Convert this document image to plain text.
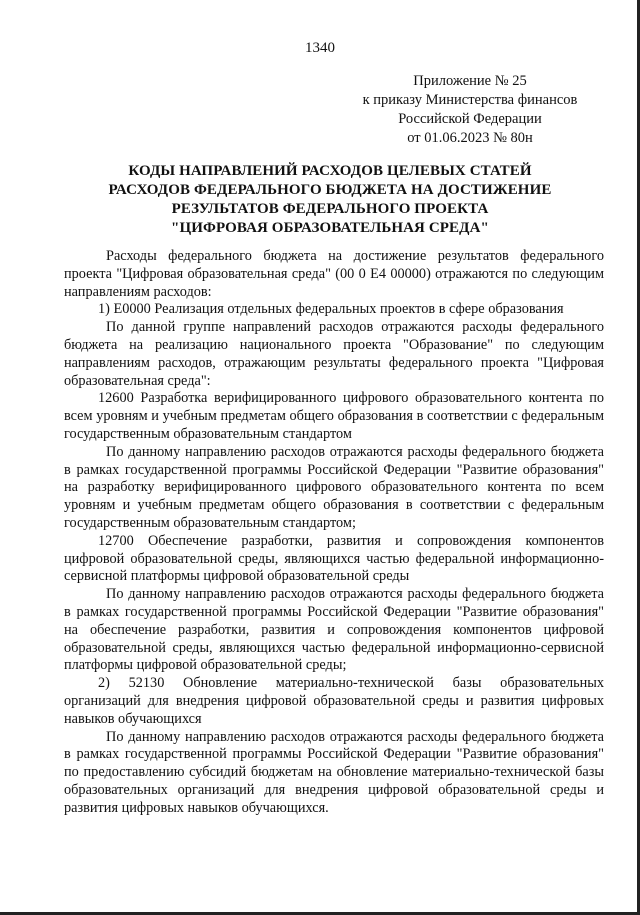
1340
Приложение № 25
к приказу Министерства финансов
Российской Федерации
от 01.06.2023 № 80н
КОДЫ НАПРАВЛЕНИЙ РАСХОДОВ ЦЕЛЕВЫХ СТАТЕЙ
РАСХОДОВ ФЕДЕРАЛЬНОГО БЮДЖЕТА НА ДОСТИЖЕНИЕ
РЕЗУЛЬТАТОВ ФЕДЕРАЛЬНОГО ПРОЕКТА
"ЦИФРОВАЯ ОБРАЗОВАТЕЛЬНАЯ СРЕДА"

Расходы федерального бюджета на достижение результатов федерального проекта "Цифровая образовательная среда" (00 0 E4 00000) отражаются по следующим направлениям расходов:

1) E0000 Реализация отдельных федеральных проектов в сфере образования

По данной группе направлений расходов отражаются расходы федерального бюджета на реализацию национального проекта "Образование" по следующим направлениям расходов, отражающим результаты федерального проекта "Цифровая образовательная среда":

12600 Разработка верифицированного цифрового образовательного контента по всем уровням и учебным предметам общего образования в соответствии с федеральным государственным образовательным стандартом

По данному направлению расходов отражаются расходы федерального бюджета в рамках государственной программы Российской Федерации "Развитие образования" на разработку верифицированного цифрового образовательного контента по всем уровням и учебным предметам общего образования в соответствии с федеральным государственным образовательным стандартом;

12700 Обеспечение разработки, развития и сопровождения компонентов цифровой образовательной среды, являющихся частью федеральной информационно-сервисной платформы цифровой образовательной среды

По данному направлению расходов отражаются расходы федерального бюджета в рамках государственной программы Российской Федерации "Развитие образования" на обеспечение разработки, развития и сопровождения компонентов цифровой образовательной среды, являющихся частью федеральной информационно-сервисной платформы цифровой образовательной среды;

2) 52130 Обновление материально-технической базы образовательных организаций для внедрения цифровой образовательной среды и развития цифровых навыков обучающихся

По данному направлению расходов отражаются расходы федерального бюджета в рамках государственной программы Российской Федерации "Развитие образования" по предоставлению субсидий бюджетам на обновление материально-технической базы образовательных организаций для внедрения цифровой образовательной среды и развития цифровых навыков обучающихся.
